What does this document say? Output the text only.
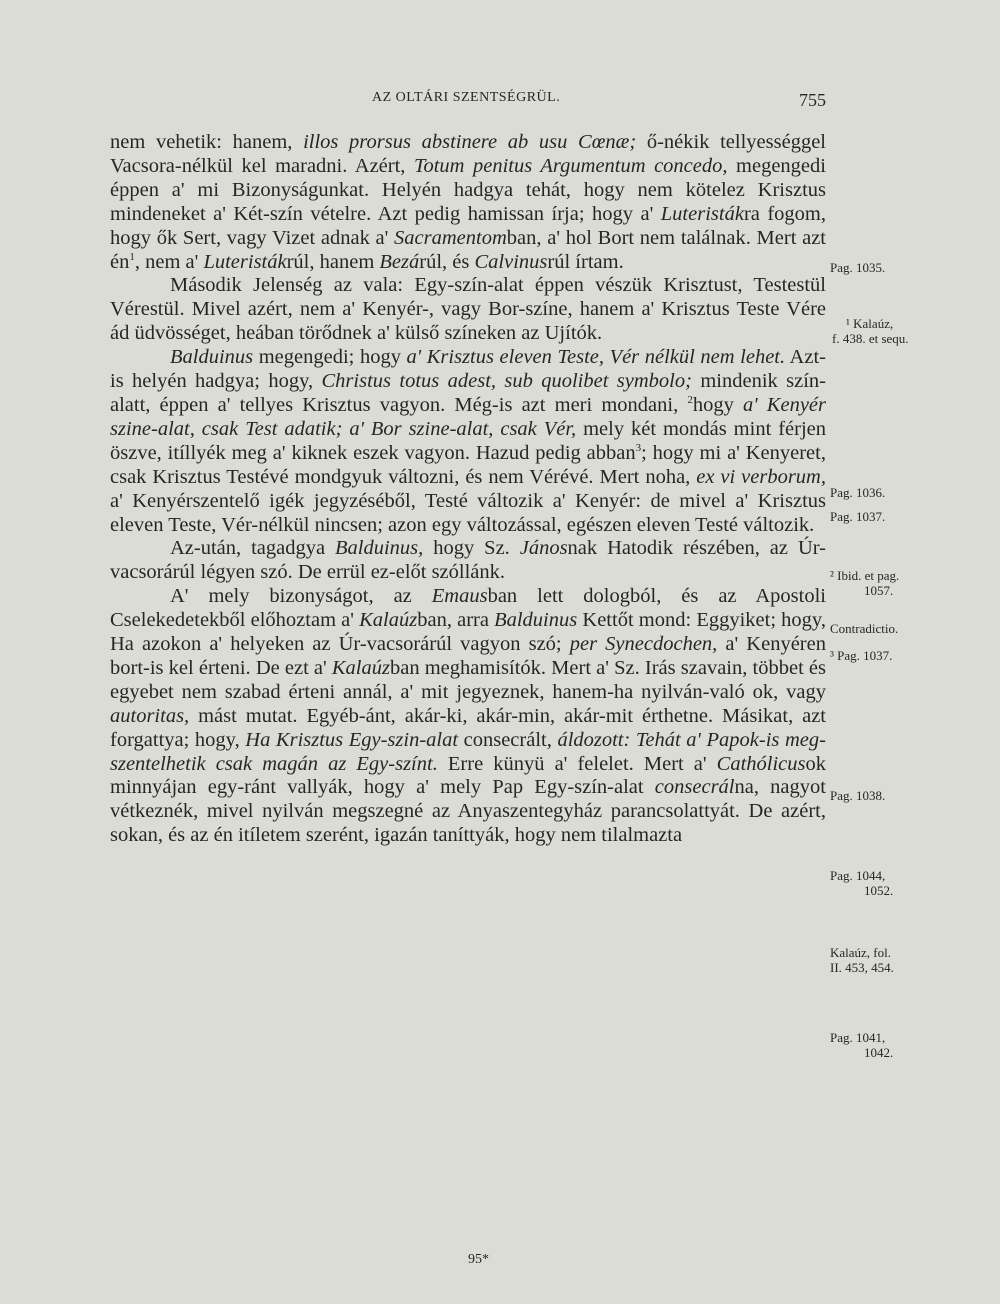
AZ OLTÁRI SZENTSÉGRÜL.	755

nem vehetik: hanem, illos prorsus abstinere ab usu Cœnæ; ő-nékik tellyességgel Vacsora-nélkül kel maradni. Azért, Totum penitus Argumentum concedo, megengedi éppen a' mi Bizonyságunkat. Helyén hadgya tehát, hogy nem kötelez Krisztus mindeneket a' Két-szín vételre. Azt pedig hamissan írja; hogy a' Luteristákra fogom, hogy ők Sert, vagy Vizet adnak a' Sacramentomban, a' hol Bort nem találnak. Mert azt $én^1$, nem a' Luteristákrúl, hanem Bezárúl, és Calvinusrúl írtam.

Második Jelenség az vala: Egy-szín-alat éppen vészük Krisztust, Testestül Vérestül. Mivel azért, nem a' Kenyér-, vagy Bor-színe, hanem a' Krisztus Teste Vére ád üdvösséget, heában törődnek a' külső színeken az Ujítók.

Balduinus megengedi; hogy a' Krisztus eleven Teste, Vér nélkül nem lehet. Azt-is helyén hadgya; hogy, Christus totus adest, sub quolibet symbolo; mindenik szín-alatt, éppen a' tellyes Krisztus vagyon. Még-is azt meri mondani, $^2$hogy a' Kenyér szine-alat, csak Test adatik; a' Bor szine-alat, csak Vér, mely két mondás mint férjen öszve, itíllyék meg a' kiknek eszek vagyon. Hazud pedig abban$^3$; hogy mi a' Kenyeret, csak Krisztus Testévé mondgyuk változni, és nem Vérévé. Mert noha, ex vi verborum, a' Kenyérszentelő igék jegyzéséből, Testé változik a' Kenyér: de mivel a' Krisztus eleven Teste, Vér-nélkül nincsen; azon egy változással, egészen eleven Testé változik.

Az-után, tagadgya Balduinus, hogy Sz. Jánosnak Hatodik részében, az Úr-vacsorárúl légyen szó. De errül ez-előt szóllánk.

A' mely bizonyságot, az Emausban lett dologból, és az Apostoli Cselekedetekből előhoztam a' Kalaúzban, arra Balduinus Kettőt mond: Eggyiket; hogy, Ha azokon a' helyeken az Úr-vacsorárúl vagyon szó; per Synecdochen, a' Kenyéren bort-is kel érteni. De ezt a' Kalaúzban meghamisítók. Mert a' Sz. Irás szavain, többet és egyebet nem szabad érteni annál, a' mit jegyeznek, hanem-ha nyilván-való ok, vagy autoritas, mást mutat. Egyéb-ánt, akár-ki, akár-min, akár-mit érthetne. Másikat, azt forgattya; hogy, Ha Krisztus Egy-szin-alat consecrált, áldozott: Tehát a' Papok-is megszentelhetik csak magán az Egy-színt. Erre künyü a' felelet. Mert a' Cathólicusok minnyájan egy-ránt vallyák, hogy a' mely Pap Egy-szín-alat consecrálna, nagyot vétkeznék, mivel nyilván megszegné az Anyaszentegyház parancsolattyát. De azért, sokan, és az én itíletem szerént, igazán taníttyák, hogy nem tilalmazta

Pag. 1035.
¹ Kalaúz,
f. 438. et sequ.
Pag. 1036.
Pag. 1037.
² Ibid. et pag.
1057.
Contradictio.
³ Pag. 1037.
Pag. 1038.
Pag. 1044,
1052.
Kalaúz, fol.
II. 453, 454.
Pag. 1041,
1042.
95*
